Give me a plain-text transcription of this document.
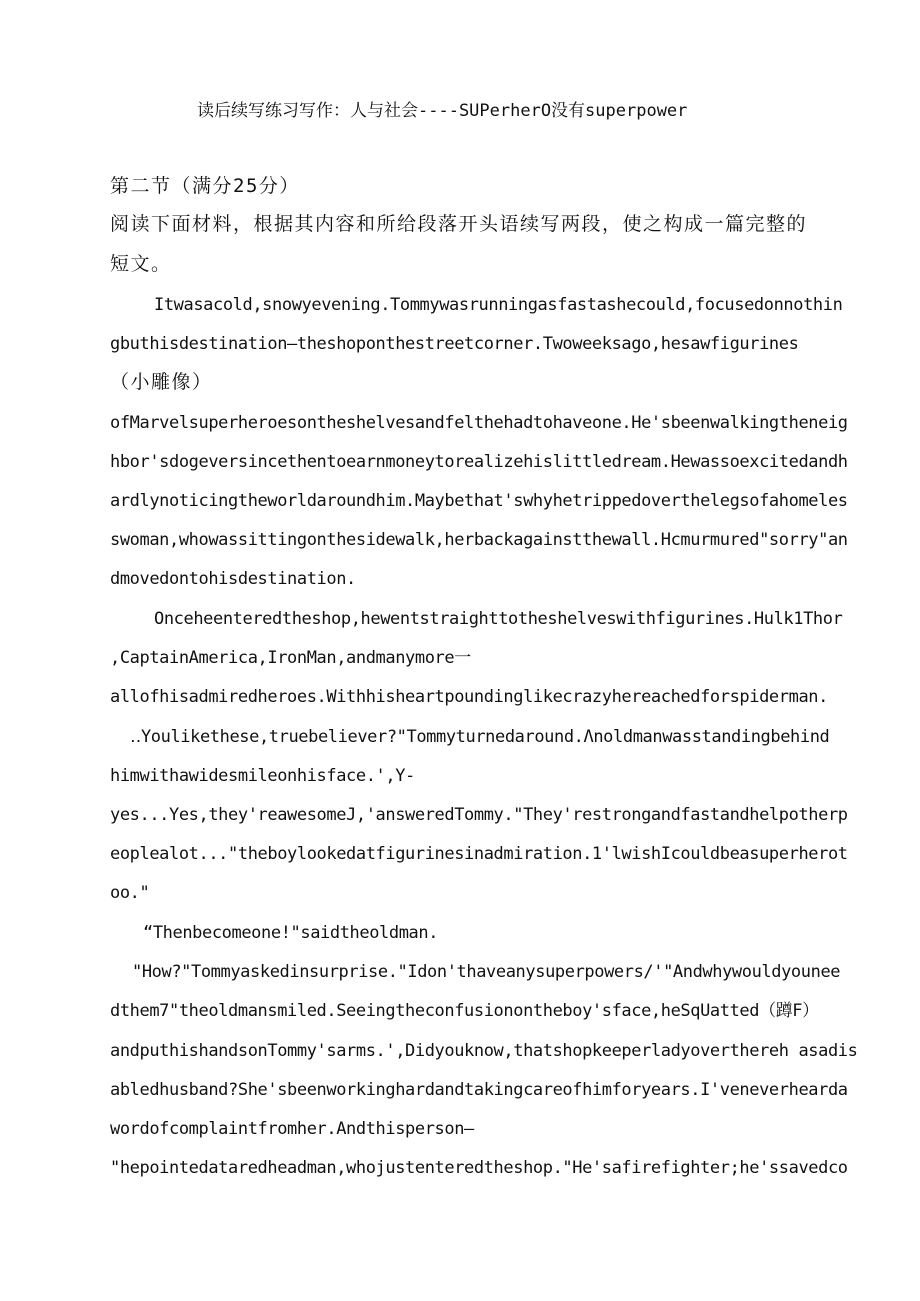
读后续写练习写作：人与社会----SUPerherO没有superpower
第二节（满分25分）
阅读下面材料，根据其内容和所给段落开头语续写两段，使之构成一篇完整的
短文。
Itwasacold,snowyevening.Tommywasrunningasfastashecould,focusedonnothin
gbuthisdestination—theshoponthestreetcorner.Twoweeksago,hesawfigurines
（小雕像）
ofMarvelsuperheroesontheshelvesandfelthehadtohaveone.He'sbeenwalkingtheneig
hbor'sdogeversincethentoearnmoneytorealizehislittledream.Hewassoexcitedandh
ardlynoticingtheworldaroundhim.Maybethat'swhyhetrippedoverthelegsofahomeles
swoman,whowassittingonthesidewalk,herbackagainstthewall.Hcmurmured"sorry"an
dmovedontohisdestination.
Onceheenteredtheshop,hewentstraighttotheshelveswithfigurines.Hulk1Thor
,CaptainAmerica,IronMan,andmanymore一
allofhisadmiredheroes.Withhisheartpoundinglikecrazyhereachedforspiderman.
‥Youlikethese,truebeliever?"Tommyturnedaround.Λnoldmanwasstandingbehind
himwithawidesmileonhisface.',Y-
yes...Yes,they'reawesomeJ,'answeredTommy."They'restrongandfastandhelpotherp
eoplealot..."theboylookedatfigurinesinadmiration.1'lwishIcouldbeasuperherot
oo."
“Thenbecomeone!"saidtheoldman.
"How?"Tommyaskedinsurprise."Idon'thaveanysuperpowers/'"Andwhywouldyounee
dthem7"theoldmansmiled.Seeingtheconfusionontheboy'sface,heSqUatted（蹲F）
andputhishandsonTommy'sarms.',Didyouknow,thatshopkeeperladyoverthereh asadis
abledhusband?She'sbeenworkinghardandtakingcareofhimforyears.I'veneverhearda
wordofcomplaintfromher.Andthisperson—
"hepointedataredheadman,whojustenteredtheshop."He'safirefighter;he'ssavedco
